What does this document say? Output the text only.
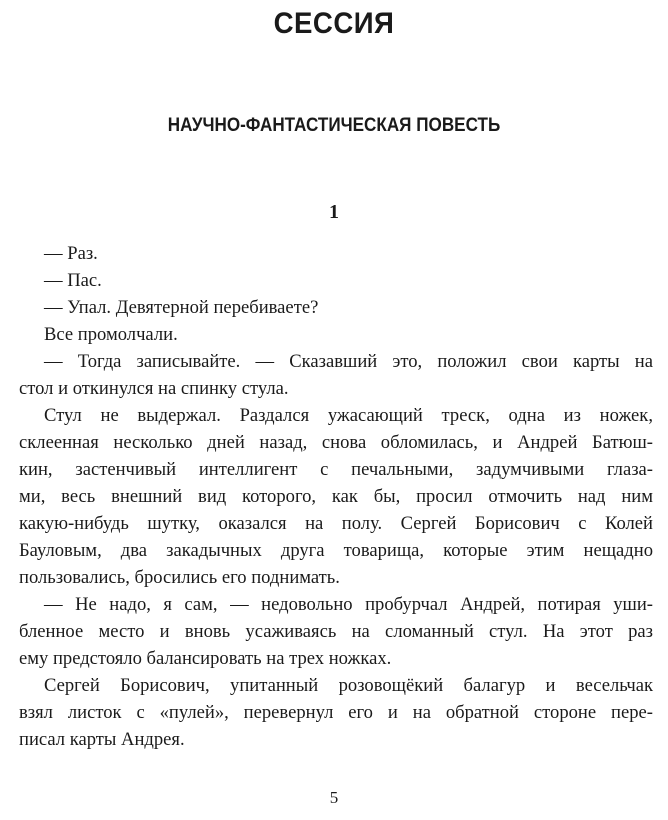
СЕССИЯ
НАУЧНО-ФАНТАСТИЧЕСКАЯ ПОВЕСТЬ
1
— Раз.
— Пас.
— Упал. Девятерной перебиваете?
Все промолчали.
— Тогда записывайте. — Сказавший это, положил свои карты на
стол и откинулся на спинку стула.
Стул не выдержал. Раздался ужасающий треск, одна из ножек,
склеенная несколько дней назад, снова обломилась, и Андрей Батюш-
кин, застенчивый интеллигент с печальными, задумчивыми глаза-
ми, весь внешний вид которого, как бы, просил отмочить над ним
какую-нибудь шутку, оказался на полу. Сергей Борисович с Колей
Бауловым, два закадычных друга товарища, которые этим нещадно
пользовались, бросились его поднимать.
— Не надо, я сам, — недовольно пробурчал Андрей, потирая уши-
бленное место и вновь усаживаясь на сломанный стул. На этот раз
ему предстояло балансировать на трех ножках.
Сергей Борисович, упитанный розовощёкий балагур и весельчак
взял листок с «пулей», перевернул его и на обратной стороне пере-
писал карты Андрея.
5
